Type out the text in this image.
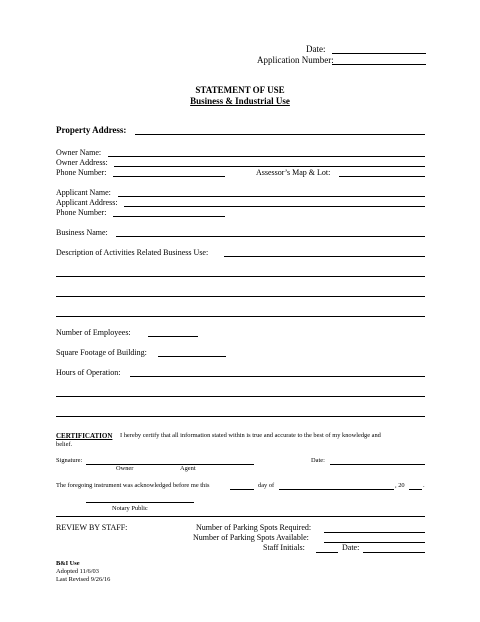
Date:
Application Number:
STATEMENT OF USE
Business & Industrial Use
Property Address:
Owner Name:
Owner Address:
Phone Number:	Assessor’s Map & Lot:
Applicant Name:
Applicant Address:
Phone Number:
Business Name:
Description of Activities Related Business Use:
Number of Employees:
Square Footage of Building:
Hours of Operation:
CERTIFICATION I hereby certify that all information stated within is true and accurate to the best of my knowledge and
belief.
Signature:
Owner	Agent
Date:
The foregoing instrument was acknowledged before me this	day of	, 20	.
Notary Public
REVIEW BY STAFF:	Number of Parking Spots Required:
Number of Parking Spots Available:
Staff Initials:	Date:
B&I Use
Adopted 11/6/03
Last Revised 9/26/16
